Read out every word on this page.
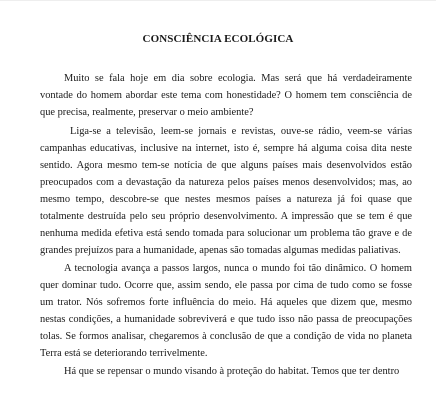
CONSCIÊNCIA ECOLÓGICA

Muito se fala hoje em dia sobre ecologia. Mas será que há verdadeiramente vontade do homem abordar este tema com honestidade? O homem tem consciência de que precisa, realmente, preservar o meio ambiente?

Liga-se a televisão, leem-se jornais e revistas, ouve-se rádio, veem-se várias campanhas educativas, inclusive na internet, isto é, sempre há alguma coisa dita neste sentido. Agora mesmo tem-se notícia de que alguns países mais desenvolvidos estão preocupados com a devastação da natureza pelos países menos desenvolvidos; mas, ao mesmo tempo, descobre-se que nestes mesmos países a natureza já foi quase que totalmente destruída pelo seu próprio desenvolvimento. A impressão que se tem é que nenhuma medida efetiva está sendo tomada para solucionar um problema tão grave e de grandes prejuízos para a humanidade, apenas são tomadas algumas medidas paliativas.

A tecnologia avança a passos largos, nunca o mundo foi tão dinâmico. O homem quer dominar tudo. Ocorre que, assim sendo, ele passa por cima de tudo como se fosse um trator. Nós sofremos forte influência do meio. Há aqueles que dizem que, mesmo nestas condições, a humanidade sobreviverá e que tudo isso não passa de preocupações tolas. Se formos analisar, chegaremos à conclusão de que a condição de vida no planeta Terra está se deteriorando terrivelmente.

Há que se repensar o mundo visando à proteção do habitat. Temos que ter dentro
